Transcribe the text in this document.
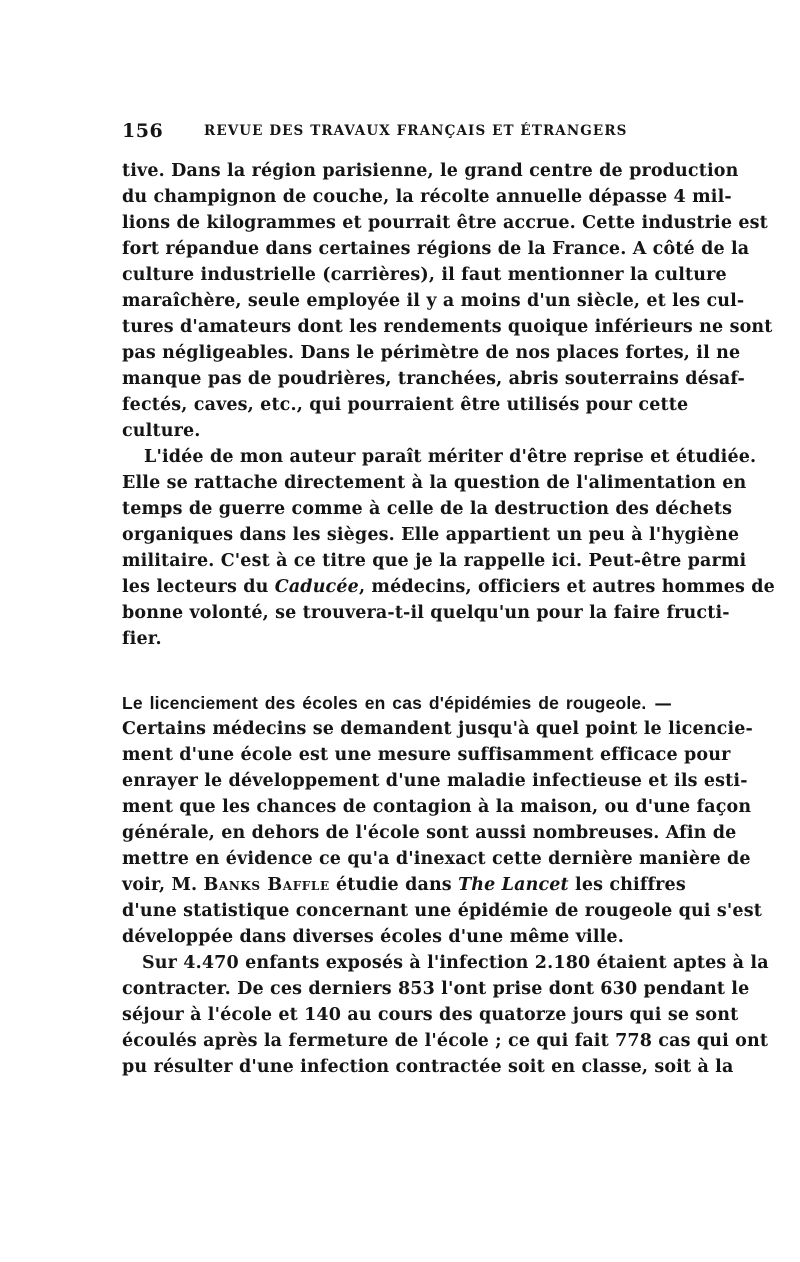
156	REVUE DES TRAVAUX FRANÇAIS ET ÉTRANGERS
tive. Dans la région parisienne, le grand centre de production
du champignon de couche, la récolte annuelle dépasse 4 mil-
lions de kilogrammes et pourrait être accrue. Cette industrie est
fort répandue dans certaines régions de la France. A côté de la
culture industrielle (carrières), il faut mentionner la culture
maraîchère, seule employée il y a moins d'un siècle, et les cul-
tures d'amateurs dont les rendements quoique inférieurs ne sont
pas négligeables. Dans le périmètre de nos places fortes, il ne
manque pas de poudrières, tranchées, abris souterrains désaf-
fectés, caves, etc., qui pourraient être utilisés pour cette
culture.
L'idée de mon auteur paraît mériter d'être reprise et étudiée.
Elle se rattache directement à la question de l'alimentation en
temps de guerre comme à celle de la destruction des déchets
organiques dans les sièges. Elle appartient un peu à l'hygiène
militaire. C'est à ce titre que je la rappelle ici. Peut-être parmi
les lecteurs du Caducée, médecins, officiers et autres hommes de
bonne volonté, se trouvera-t-il quelqu'un pour la faire fructi-
fier.
Le licenciement des écoles en cas d'épidémies de rougeole. —
Certains médecins se demandent jusqu'à quel point le licencie-
ment d'une école est une mesure suffisamment efficace pour
enrayer le développement d'une maladie infectieuse et ils esti-
ment que les chances de contagion à la maison, ou d'une façon
générale, en dehors de l'école sont aussi nombreuses. Afin de
mettre en évidence ce qu'a d'inexact cette dernière manière de
voir, M. Banks Baffle étudie dans The Lancet les chiffres
d'une statistique concernant une épidémie de rougeole qui s'est
développée dans diverses écoles d'une même ville.
Sur 4.470 enfants exposés à l'infection 2.180 étaient aptes à la
contracter. De ces derniers 853 l'ont prise dont 630 pendant le
séjour à l'école et 140 au cours des quatorze jours qui se sont
écoulés après la fermeture de l'école ; ce qui fait 778 cas qui ont
pu résulter d'une infection contractée soit en classe, soit à la
